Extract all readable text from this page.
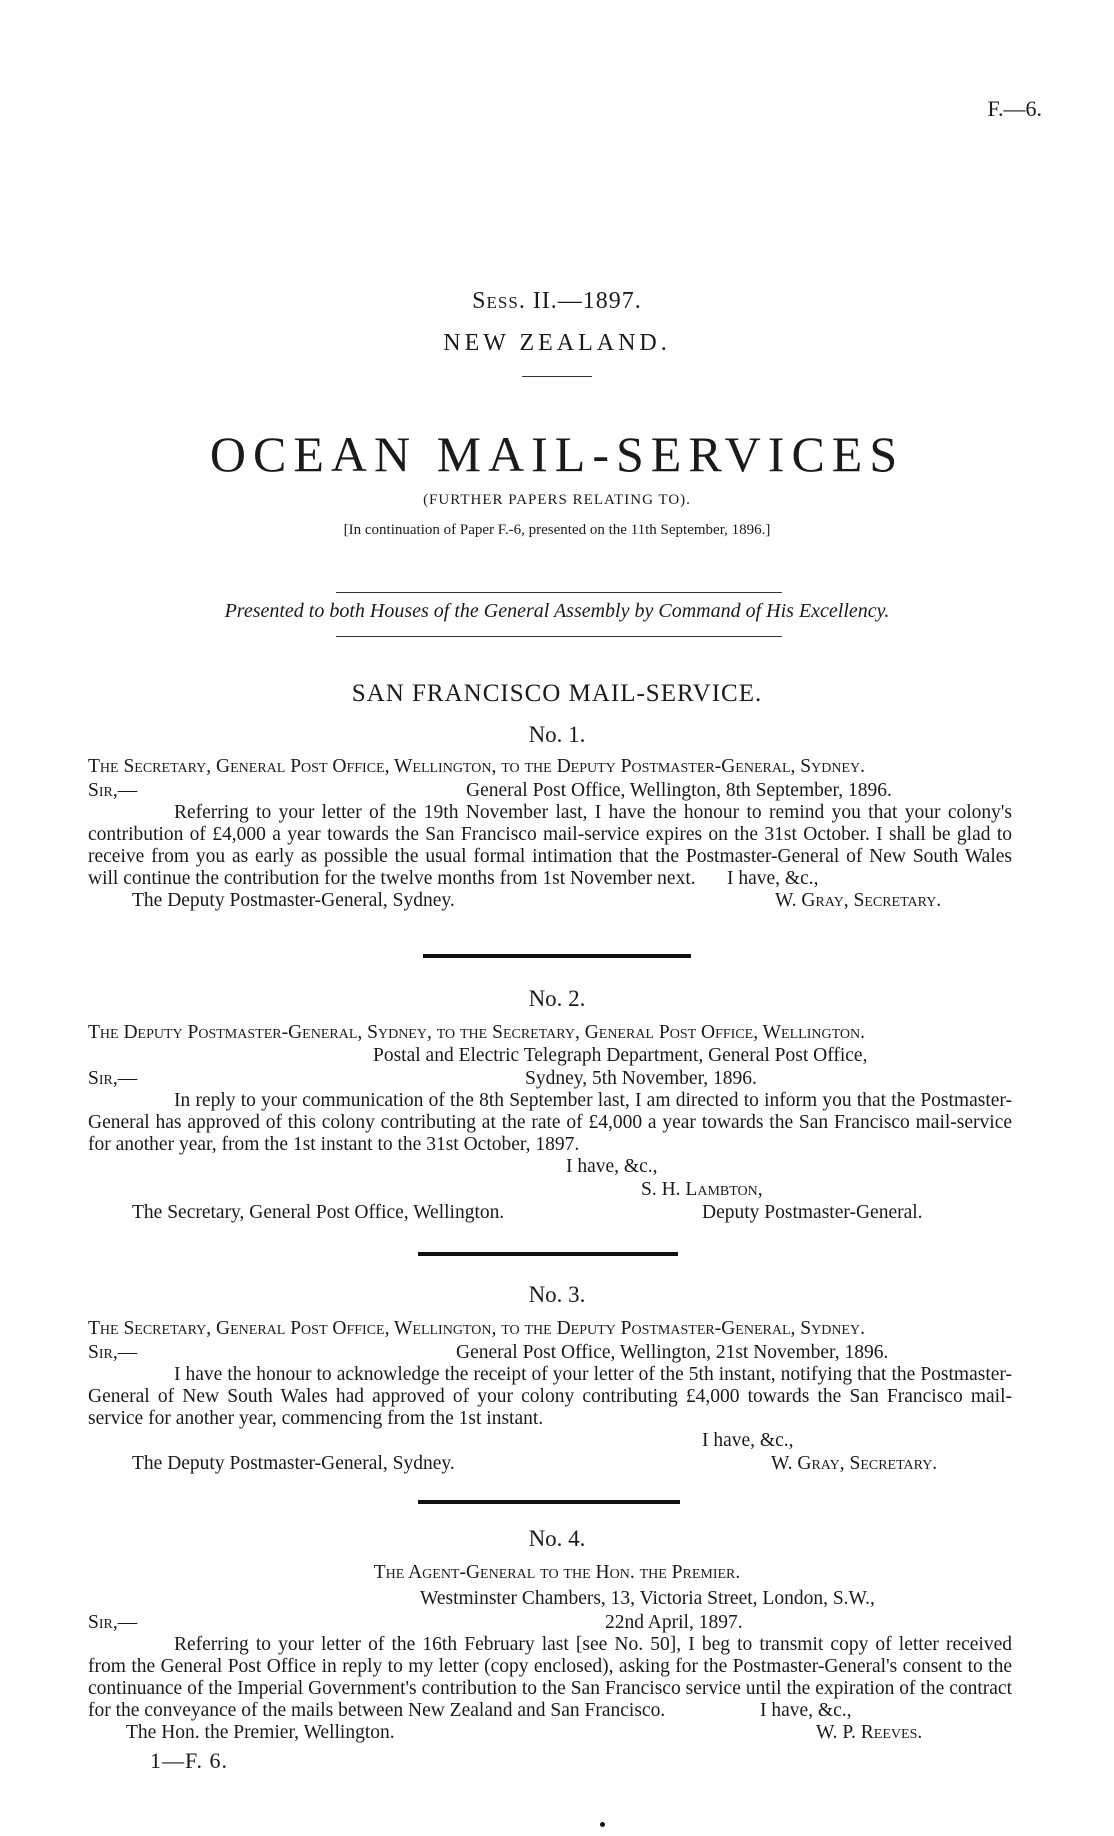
F.—6.
Sess. II.—1897.
NEW ZEALAND.
OCEAN MAIL-SERVICES
(FURTHER PAPERS RELATING TO).
[In continuation of Paper F.-6, presented on the 11th September, 1896.]
Presented to both Houses of the General Assembly by Command of His Excellency.
SAN FRANCISCO MAIL-SERVICE.
No. 1.
The Secretary, General Post Office, Wellington, to the Deputy Postmaster-General, Sydney.
Sir,—	General Post Office, Wellington, 8th September, 1896.
Referring to your letter of the 19th November last, I have the honour to remind you that your colony's contribution of £4,000 a year towards the San Francisco mail-service expires on the 31st October. I shall be glad to receive from you as early as possible the usual formal intimation that the Postmaster-General of New South Wales will continue the contribution for the twelve months from 1st November next.	I have, &c.,
The Deputy Postmaster-General, Sydney.	W. Gray, Secretary.
No. 2.
The Deputy Postmaster-General, Sydney, to the Secretary, General Post Office, Wellington.
Postal and Electric Telegraph Department, General Post Office,
Sir,—	Sydney, 5th November, 1896.
In reply to your communication of the 8th September last, I am directed to inform you that the Postmaster-General has approved of this colony contributing at the rate of £4,000 a year towards the San Francisco mail-service for another year, from the 1st instant to the 31st October, 1897.
I have, &c.,
S. H. Lambton,
The Secretary, General Post Office, Wellington.	Deputy Postmaster-General.
No. 3.
The Secretary, General Post Office, Wellington, to the Deputy Postmaster-General, Sydney.
Sir,—	General Post Office, Wellington, 21st November, 1896.
I have the honour to acknowledge the receipt of your letter of the 5th instant, notifying that the Postmaster-General of New South Wales had approved of your colony contributing £4,000 towards the San Francisco mail-service for another year, commencing from the 1st instant.
I have, &c.,
The Deputy Postmaster-General, Sydney.	W. Gray, Secretary.
No. 4.
The Agent-General to the Hon. the Premier.
Westminster Chambers, 13, Victoria Street, London, S.W.,
Sir,—	22nd April, 1897.
Referring to your letter of the 16th February last [see No. 50], I beg to transmit copy of letter received from the General Post Office in reply to my letter (copy enclosed), asking for the Postmaster-General's consent to the continuance of the Imperial Government's contribution to the San Francisco service until the expiration of the contract for the conveyance of the mails between New Zealand and San Francisco.	I have, &c.,
The Hon. the Premier, Wellington.	W. P. Reeves.
1—F. 6.
